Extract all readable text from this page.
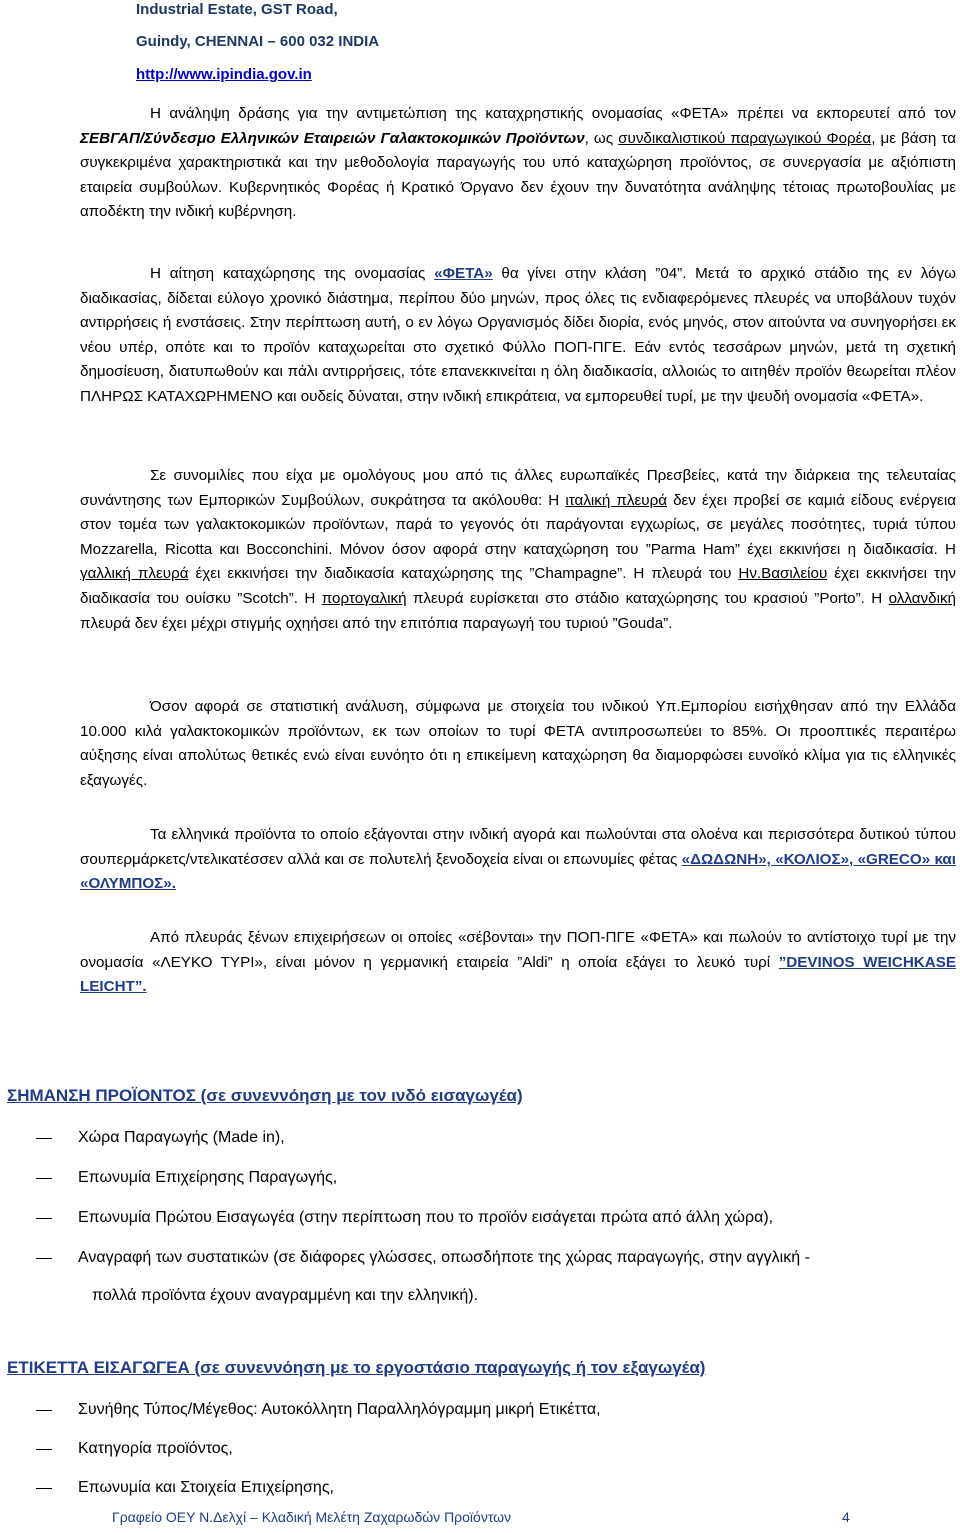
Industrial Estate, GST Road,
Guindy, CHENNAI – 600 032 INDIA
http://www.ipindia.gov.in
Η ανάληψη δράσης για την αντιμετώπιση της καταχρηστικής ονομασίας «ΦΕΤΑ» πρέπει να εκπορευτεί από τον ΣΕΒΓΑΠ/Σύνδεσμο Ελληνικών Εταιρειών Γαλακτοκομικών Προϊόντων, ως συνδικαλιστικού παραγωγικού Φορέα, με βάση τα συγκεκριμένα χαρακτηριστικά και την μεθοδολογία παραγωγής του υπό καταχώρηση προϊόντος, σε συνεργασία με αξιόπιστη εταιρεία συμβούλων. Κυβερνητικός Φορέας ή Κρατικό Όργανο δεν έχουν την δυνατότητα ανάληψης τέτοιας πρωτοβουλίας με αποδέκτη την ινδική κυβέρνηση.
Η αίτηση καταχώρησης της ονομασίας «ΦΕΤΑ» θα γίνει στην κλάση ”04”. Μετά το αρχικό στάδιο της εν λόγω διαδικασίας, δίδεται εύλογο χρονικό διάστημα, περίπου δύο μηνών, προς όλες τις ενδιαφερόμενες πλευρές να υποβάλουν τυχόν αντιρρήσεις ή ενστάσεις. Στην περίπτωση αυτή, ο εν λόγω Οργανισμός δίδει διορία, ενός μηνός, στον αιτούντα να συνηγορήσει εκ νέου υπέρ, οπότε και το προϊόν καταχωρείται στο σχετικό Φύλλο ΠΟΠ-ΠΓΕ. Εάν εντός τεσσάρων μηνών, μετά τη σχετική δημοσίευση, διατυπωθούν και πάλι αντιρρήσεις, τότε επανεκκινείται η όλη διαδικασία, αλλοιώς το αιτηθέν προϊόν θεωρείται πλέον ΠΛΗΡΩΣ ΚΑΤΑΧΩΡΗΜΕΝΟ και ουδείς δύναται, στην ινδική επικράτεια, να εμπορευθεί τυρί, με την ψευδή ονομασία «ΦΕΤΑ».
Σε συνομιλίες που είχα με ομολόγους μου από τις άλλες ευρωπαϊκές Πρεσβείες, κατά την διάρκεια της τελευταίας συνάντησης των Εμπορικών Συμβούλων, συκράτησα τα ακόλουθα: Η ιταλική πλευρά δεν έχει προβεί σε καμιά είδους ενέργεια στον τομέα των γαλακτοκομικών προϊόντων, παρά το γεγονός ότι παράγονται εγχωρίως, σε μεγάλες ποσότητες, τυριά τύπου Mozzarella, Ricotta και Bocconchini. Μόνον όσον αφορά στην καταχώρηση του ”Parma Ham” έχει εκκινήσει η διαδικασία. Η γαλλική πλευρά έχει εκκινήσει την διαδικασία καταχώρησης της ”Champagne”. Η πλευρά του Ην.Βασιλείου έχει εκκινήσει την διαδικασία του ουίσκυ ”Scotch”. Η πορτογαλική πλευρά ευρίσκεται στο στάδιο καταχώρησης του κρασιού ”Porto”. Η ολλανδική πλευρά δεν έχει μέχρι στιγμής οχηήσει από την επιτόπια παραγωγή του τυριού ”Gouda”.
Όσον αφορά σε στατιστική ανάλυση, σύμφωνα με στοιχεία του ινδικού Υπ.Εμπορίου εισήχθησαν από την Ελλάδα 10.000 κιλά γαλακτοκομικών προϊόντων, εκ των οποίων το τυρί ΦΕΤΑ αντιπροσωπεύει το 85%. Οι προοπτικές περαιτέρω αύξησης είναι απολύτως θετικές ενώ είναι ευνόητο ότι η επικείμενη καταχώρηση θα διαμορφώσει ευνοϊκό κλίμα για τις ελληνικές εξαγωγές.
Τα ελληνικά προϊόντα το οποίο εξάγονται στην ινδική αγορά και πωλούνται στα ολοένα και περισσότερα δυτικού τύπου σουπερμάρκετς/ντελικατέσσεν αλλά και σε πολυτελή ξενοδοχεία είναι οι επωνυμίες φέτας «ΔΩΔΩΝΗ», «ΚΟΛΙΟΣ», «GRECO» και «ΟΛΥΜΠΟΣ».
Από πλευράς ξένων επιχειρήσεων οι οποίες «σέβονται» την ΠΟΠ-ΠΓΕ «ΦΕΤΑ» και πωλούν το αντίστοιχο τυρί με την ονομασία «ΛΕΥΚΟ ΤΥΡΙ», είναι μόνον η γερμανική εταιρεία ”Aldi” η οποία εξάγει το λευκό τυρί ”DEVINOS WEICHKASE LEICHT”.
ΣΗΜΑΝΣΗ ΠΡΟΪΟΝΤΟΣ (σε συνεννόηση με τον ινδό εισαγωγέα)
Χώρα Παραγωγής (Made in),
Επωνυμία Επιχείρησης Παραγωγής,
Επωνυμία Πρώτου Εισαγωγέα (στην περίπτωση που το προϊόν εισάγεται πρώτα από άλλη χώρα),
Αναγραφή των συστατικών (σε διάφορες γλώσσες, οπωσδήποτε της χώρας παραγωγής, στην αγγλική -
πολλά προϊόντα έχουν αναγραμμένη και την ελληνική).
ΕΤΙΚΕΤΤΑ ΕΙΣΑΓΩΓΕΑ (σε συνεννόηση με το εργοστάσιο παραγωγής ή τον εξαγωγέα)
Συνήθης Τύπος/Μέγεθος: Αυτοκόλλητη Παραλληλόγραμμη μικρή Ετικέττα,
Κατηγορία προϊόντος,
Επωνυμία και Στοιχεία Επιχείρησης,
Γραφείο ΟΕΥ Ν.Δελχί – Κλαδική Μελέτη Ζαχαρωδών Προϊόντων	4
